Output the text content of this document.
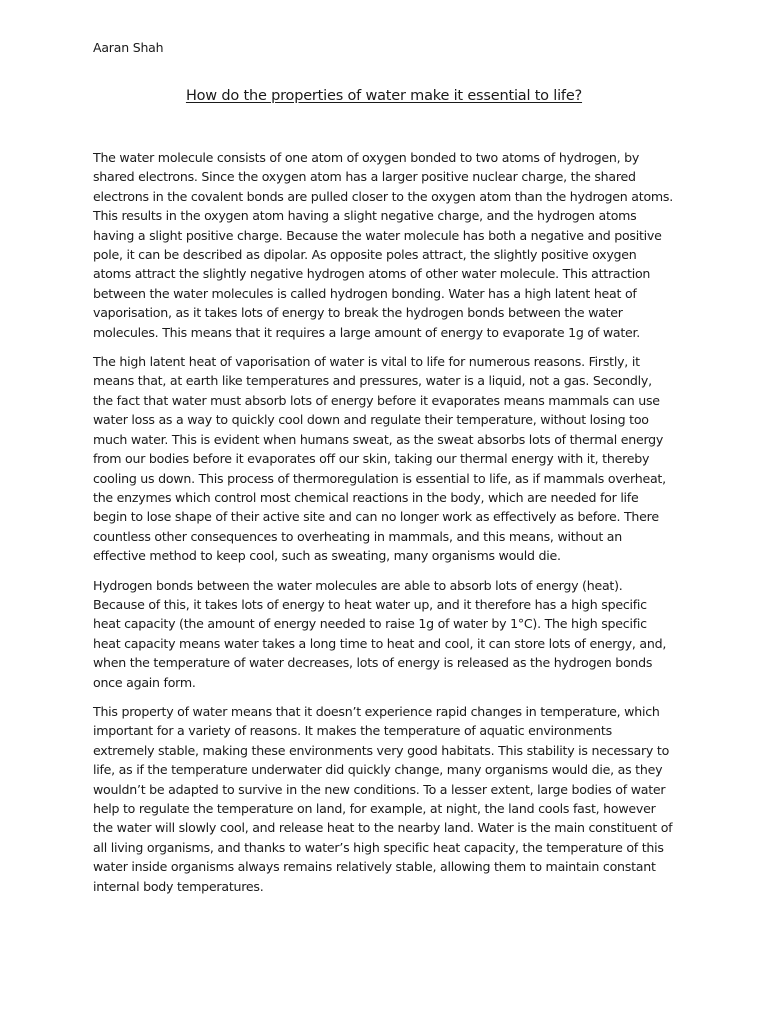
Aaran Shah
How do the properties of water make it essential to life?

The water molecule consists of one atom of oxygen bonded to two atoms of hydrogen, by shared electrons. Since the oxygen atom has a larger positive nuclear charge, the shared electrons in the covalent bonds are pulled closer to the oxygen atom than the hydrogen atoms. This results in the oxygen atom having a slight negative charge, and the hydrogen atoms having a slight positive charge. Because the water molecule has both a negative and positive pole, it can be described as dipolar. As opposite poles attract, the slightly positive oxygen atoms attract the slightly negative hydrogen atoms of other water molecule. This attraction between the water molecules is called hydrogen bonding. Water has a high latent heat of vaporisation, as it takes lots of energy to break the hydrogen bonds between the water molecules. This means that it requires a large amount of energy to evaporate 1g of water.

The high latent heat of vaporisation of water is vital to life for numerous reasons. Firstly, it means that, at earth like temperatures and pressures, water is a liquid, not a gas. Secondly, the fact that water must absorb lots of energy before it evaporates means mammals can use water loss as a way to quickly cool down and regulate their temperature, without losing too much water. This is evident when humans sweat, as the sweat absorbs lots of thermal energy from our bodies before it evaporates off our skin, taking our thermal energy with it, thereby cooling us down. This process of thermoregulation is essential to life, as if mammals overheat, the enzymes which control most chemical reactions in the body, which are needed for life begin to lose shape of their active site and can no longer work as effectively as before. There countless other consequences to overheating in mammals, and this means, without an effective method to keep cool, such as sweating, many organisms would die.

Hydrogen bonds between the water molecules are able to absorb lots of energy (heat). Because of this, it takes lots of energy to heat water up, and it therefore has a high specific heat capacity (the amount of energy needed to raise 1g of water by 1°C). The high specific heat capacity means water takes a long time to heat and cool, it can store lots of energy, and, when the temperature of water decreases, lots of energy is released as the hydrogen bonds once again form.

This property of water means that it doesn’t experience rapid changes in temperature, which important for a variety of reasons. It makes the temperature of aquatic environments extremely stable, making these environments very good habitats. This stability is necessary to life, as if the temperature underwater did quickly change, many organisms would die, as they wouldn’t be adapted to survive in the new conditions. To a lesser extent, large bodies of water help to regulate the temperature on land, for example, at night, the land cools fast, however the water will slowly cool, and release heat to the nearby land. Water is the main constituent of all living organisms, and thanks to water’s high specific heat capacity, the temperature of this water inside organisms always remains relatively stable, allowing them to maintain constant internal body temperatures.
